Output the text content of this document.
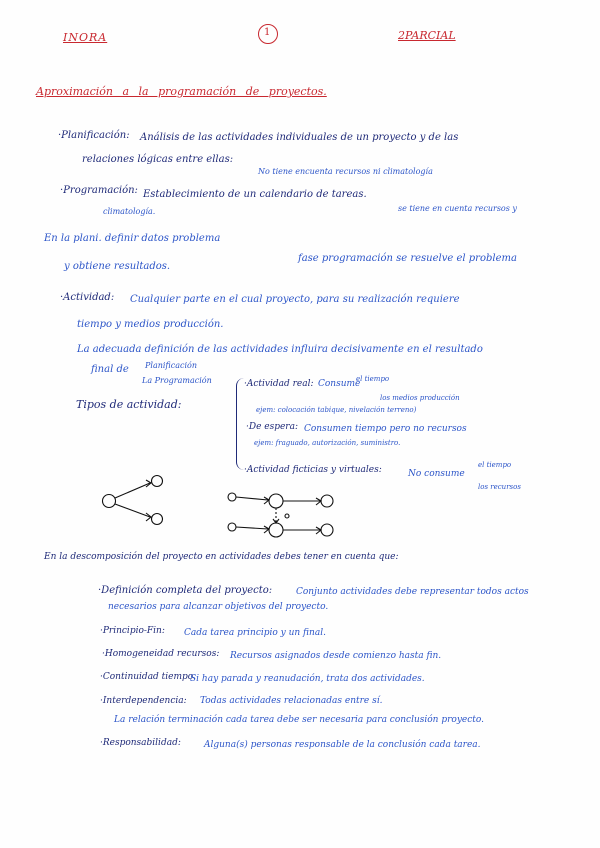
INORA	1	2PARCIAL
Aproximación a la programación de proyectos.
·Planificación: Análisis de las actividades individuales de un proyecto y de las
relaciones lógicas entre ellas:
No tiene encuenta recursos ni climatología
·Programación: Establecimiento de un calendario de tareas.
se tiene en cuenta recursos y
climatología.
En la plani. definir datos problema
fase programación se resuelve el problema
y obtiene resultados.
·Actividad: Cualquier parte en el cual proyecto, para su realización requiere
tiempo y medios producción.
La adecuada definición de las actividades influira decisivamente en el resultado
final de Planificación
La Programación
Tipos de actividad:
·Actividad real: Consume
el tiempo
los medios producción
ejem: colocación tabique, nivelación terreno)
·De espera: Consumen tiempo pero no recursos
ejem: fraguado, autorización, suministro.
·Actividad ficticias y virtuales:	No consume
el tiempo
los recursos
En la descomposición del proyecto en actividades debes tener en cuenta que:
·Definición completa del proyecto:	Conjunto actividades debe representar todos actos
necesarios para alcanzar objetivos del proyecto.
·Principio-Fin: Cada tarea principio y un final.
·Homogeneidad recursos: Recursos asignados desde comienzo hasta fin.
·Continuidad tiempo.
Si hay parada y reanudación, trata dos actividades.
·Interdependencia: Todas actividades relacionadas entre sí.
La relación terminación cada tarea debe ser necesaria para conclusión proyecto.
·Responsabilidad:	Alguna(s) personas responsable de la conclusión cada tarea.
